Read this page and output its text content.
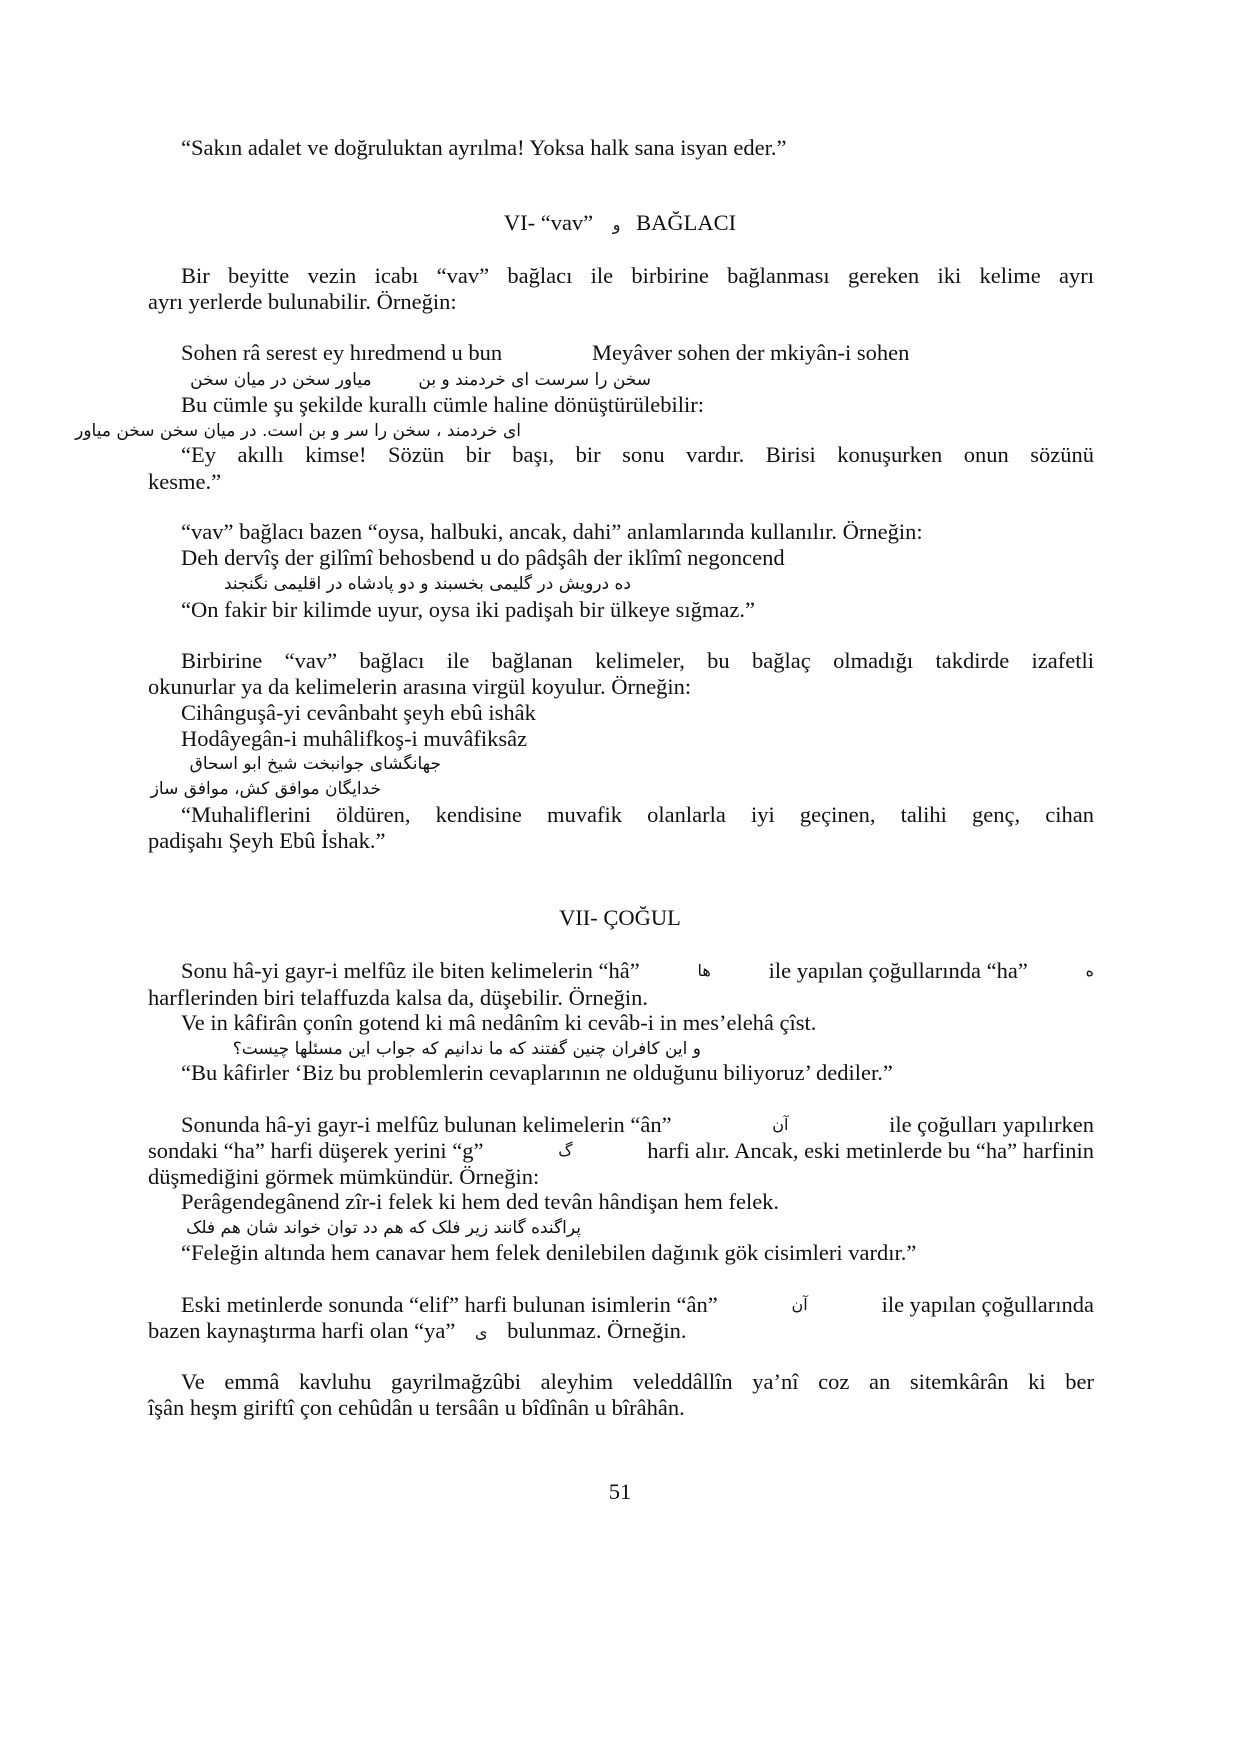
“Sakın adalet ve doğruluktan ayrılma! Yoksa halk sana isyan eder.”
VI- “vav” و BAĞLACI
Bir beyitte vezin icabı “vav” bağlacı ile birbirine bağlanması gereken iki kelime ayrı
ayrı yerlerde bulunabilir. Örneğin:
Sohen râ serest ey hıredmend u bun	Meyâver sohen der mkiyân-i sohen
سخن را سرست ای خردمند و بن  میاور سخن در میان سخن
Bu cümle şu şekilde kurallı cümle haline dönüştürülebilir:
ای خردمند ، سخن را سر و بن است. در میان سخن سخن میاور
“Ey akıllı kimse! Sözün bir başı, bir sonu vardır. Birisi konuşurken onun sözünü
kesme.”
“vav” bağlacı bazen “oysa, halbuki, ancak, dahi” anlamlarında kullanılır. Örneğin:
Deh dervîş der gilîmî behosbend u do pâdşâh der iklîmî negoncend
ده درویش در گلیمی بخسبند و دو پادشاه در اقلیمی نگنجند
“On fakir bir kilimde uyur, oysa iki padişah bir ülkeye sığmaz.”
Birbirine “vav” bağlacı ile bağlanan kelimeler, bu bağlaç olmadığı takdirde izafetli
okunurlar ya da kelimelerin arasına virgül koyulur. Örneğin:
Cihânguşâ-yi cevânbaht şeyh ebû ishâk
Hodâyegân-i muhâlifkoş-i muvâfiksâz
جهانگشای جوانبخت شیخ ابو اسحاق
خدایگان موافق کش، موافق ساز
“Muhaliflerini öldüren, kendisine muvafik olanlarla iyi geçinen, talihi genç, cihan
padişahı Şeyh Ebû İshak.”
VII- ÇOĞUL
Sonu hâ-yi gayr-i melfûz ile biten kelimelerin “hâ”	ها	ile yapılan çoğullarında “ha”	ه
harflerinden biri telaffuzda kalsa da, düşebilir. Örneğin.
Ve in kâfirân çonîn gotend ki mâ nedânîm ki cevâb-i in mes’elehâ çîst.
و این کافران چنین گفتند که ما ندانیم که جواب این مسئلها چیست؟
“Bu kâfirler ‘Biz bu problemlerin cevaplarının ne olduğunu biliyoruz’ dediler.”
Sonunda hâ-yi gayr-i melfûz bulunan kelimelerin “ân”	آن	ile çoğulları yapılırken
sondaki “ha” harfi düşerek yerini “g”	گ	harfi alır. Ancak, eski metinlerde bu “ha” harfinin
düşmediğini görmek mümkündür. Örneğin:
Perâgendegânend zîr-i felek ki hem ded tevân hândişan hem felek.
پراگنده گانند زیر فلک که هم دد توان خواند شان هم فلک
“Feleğin altında hem canavar hem felek denilebilen dağınık gök cisimleri vardır.”
Eski metinlerde sonunda “elif” harfi bulunan isimlerin “ân”	آن	ile yapılan çoğullarında
bazen kaynaştırma harfi olan “ya” ی bulunmaz. Örneğin.
Ve emmâ kavluhu gayrilmağzûbi aleyhim veleddâllîn ya’nî coz an sitemkârân ki ber
îşân heşm giriftî çon cehûdân u tersâân u bîdînân u bîrâhân.
51
